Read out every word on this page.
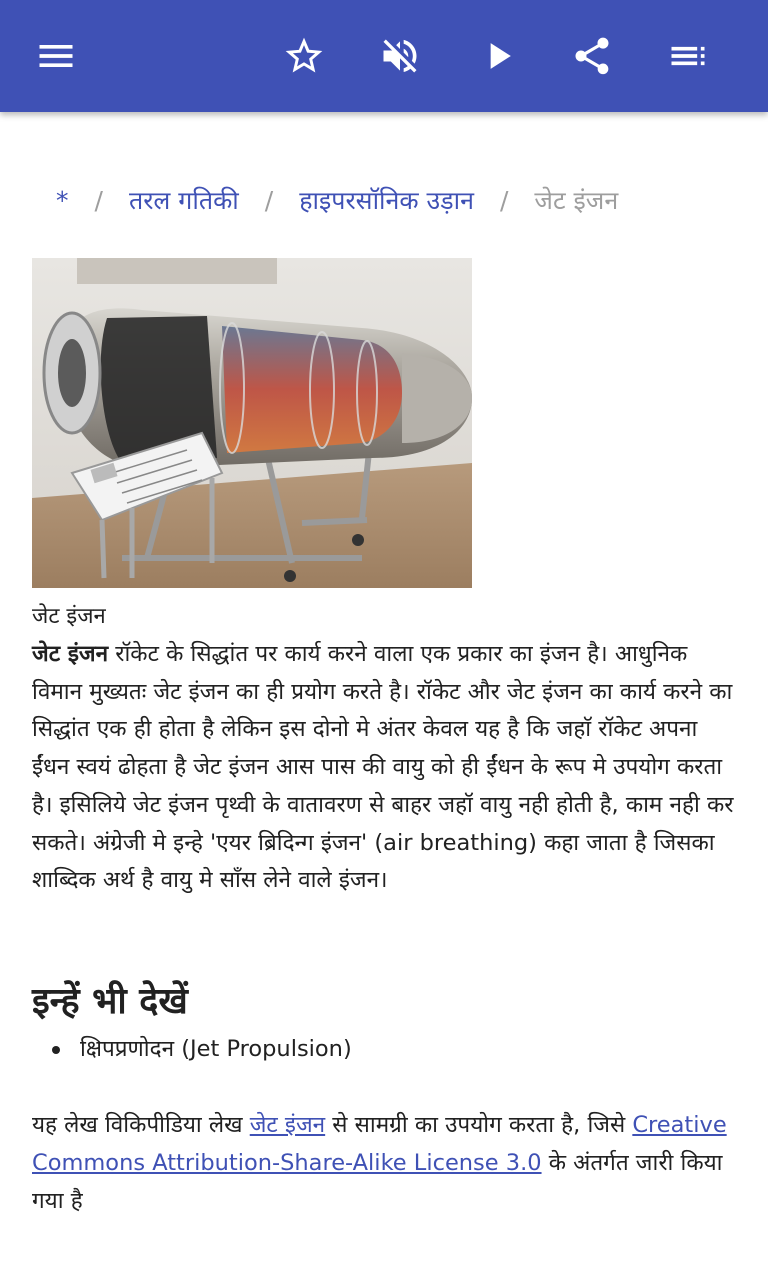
* / तरल गतिकी / हाइपरसॉनिक उड़ान / जेट इंजन
जेट इंजन
जेट इंजन रॉकेट के सिद्धांत पर कार्य करने वाला एक प्रकार का इंजन है। आधुनिक विमान मुख्यतः जेट इंजन का ही प्रयोग करते है। रॉकेट और जेट इंजन का कार्य करने का सिद्धांत एक ही होता है लेकिन इस दोनो मे अंतर केवल यह है कि जहाॅ रॉकेट अपना ईंधन स्वयं ढोहता है जेट इंजन आस पास की वायु को ही ईंधन के रूप मे उपयोग करता है। इसिलिये जेट इंजन पृथ्वी के वातावरण से बाहर जहॉ वायु नही होती है, काम नही कर सकते। अंग्रेजी मे इन्हे 'एयर ब्रिदिन्ग इंजन' (air breathing) कहा जाता है जिसका शाब्दिक अर्थ है वायु मे साँस लेने वाले इंजन।
इन्हें भी देखें
क्षिपप्रणोदन (Jet Propulsion)
यह लेख विकिपीडिया लेख जेट इंजन से सामग्री का उपयोग करता है, जिसे Creative Commons Attribution-Share-Alike License 3.0 के अंतर्गत जारी किया गया है
